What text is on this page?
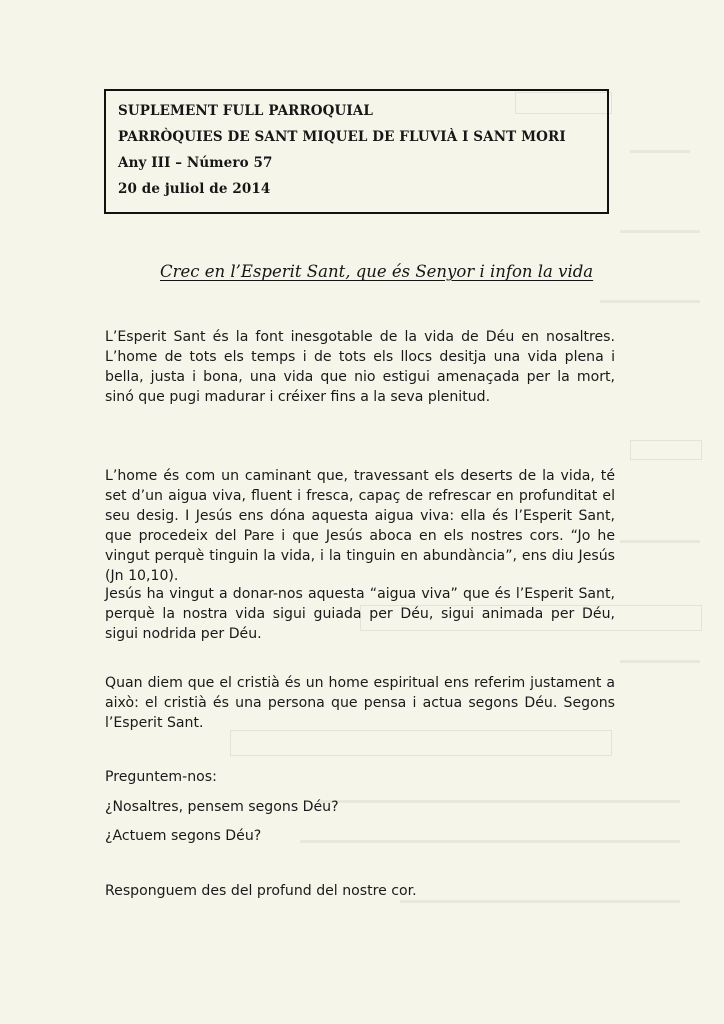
SUPLEMENT FULL PARROQUIAL
PARRÒQUIES DE SANT MIQUEL DE FLUVIÀ I SANT MORI
Any III – Número 57
20 de juliol de 2014
Crec en l’Esperit Sant, que és Senyor i infon la vida

L’Esperit Sant és la font inesgotable de la vida de Déu en nosaltres. L’home de tots els temps i de tots els llocs desitja una vida plena i bella, justa i bona, una vida que nio estigui amenaçada per la mort, sinó que pugi madurar i créixer fins a la seva plenitud.

L’home és com un caminant que, travessant els deserts de la vida, té set d’un aigua viva, fluent i fresca, capaç de refrescar en profunditat el seu desig. I Jesús ens dóna aquesta aigua viva: ella és l’Esperit Sant, que procedeix del Pare i que Jesús aboca en els nostres cors. “Jo he vingut perquè tinguin la vida, i la tinguin en abundància”, ens diu Jesús (Jn 10,10).

Jesús ha vingut a donar-nos aquesta “aigua viva” que és l’Esperit Sant, perquè la nostra vida sigui guiada per Déu, sigui animada per Déu, sigui nodrida per Déu.

Quan diem que el cristià és un home espiritual ens referim justament a això: el cristià és una persona que pensa i actua segons Déu. Segons l’Esperit Sant.

Preguntem-nos:
¿Nosaltres, pensem segons Déu?
¿Actuem segons Déu?
Responguem des del profund del nostre cor.
